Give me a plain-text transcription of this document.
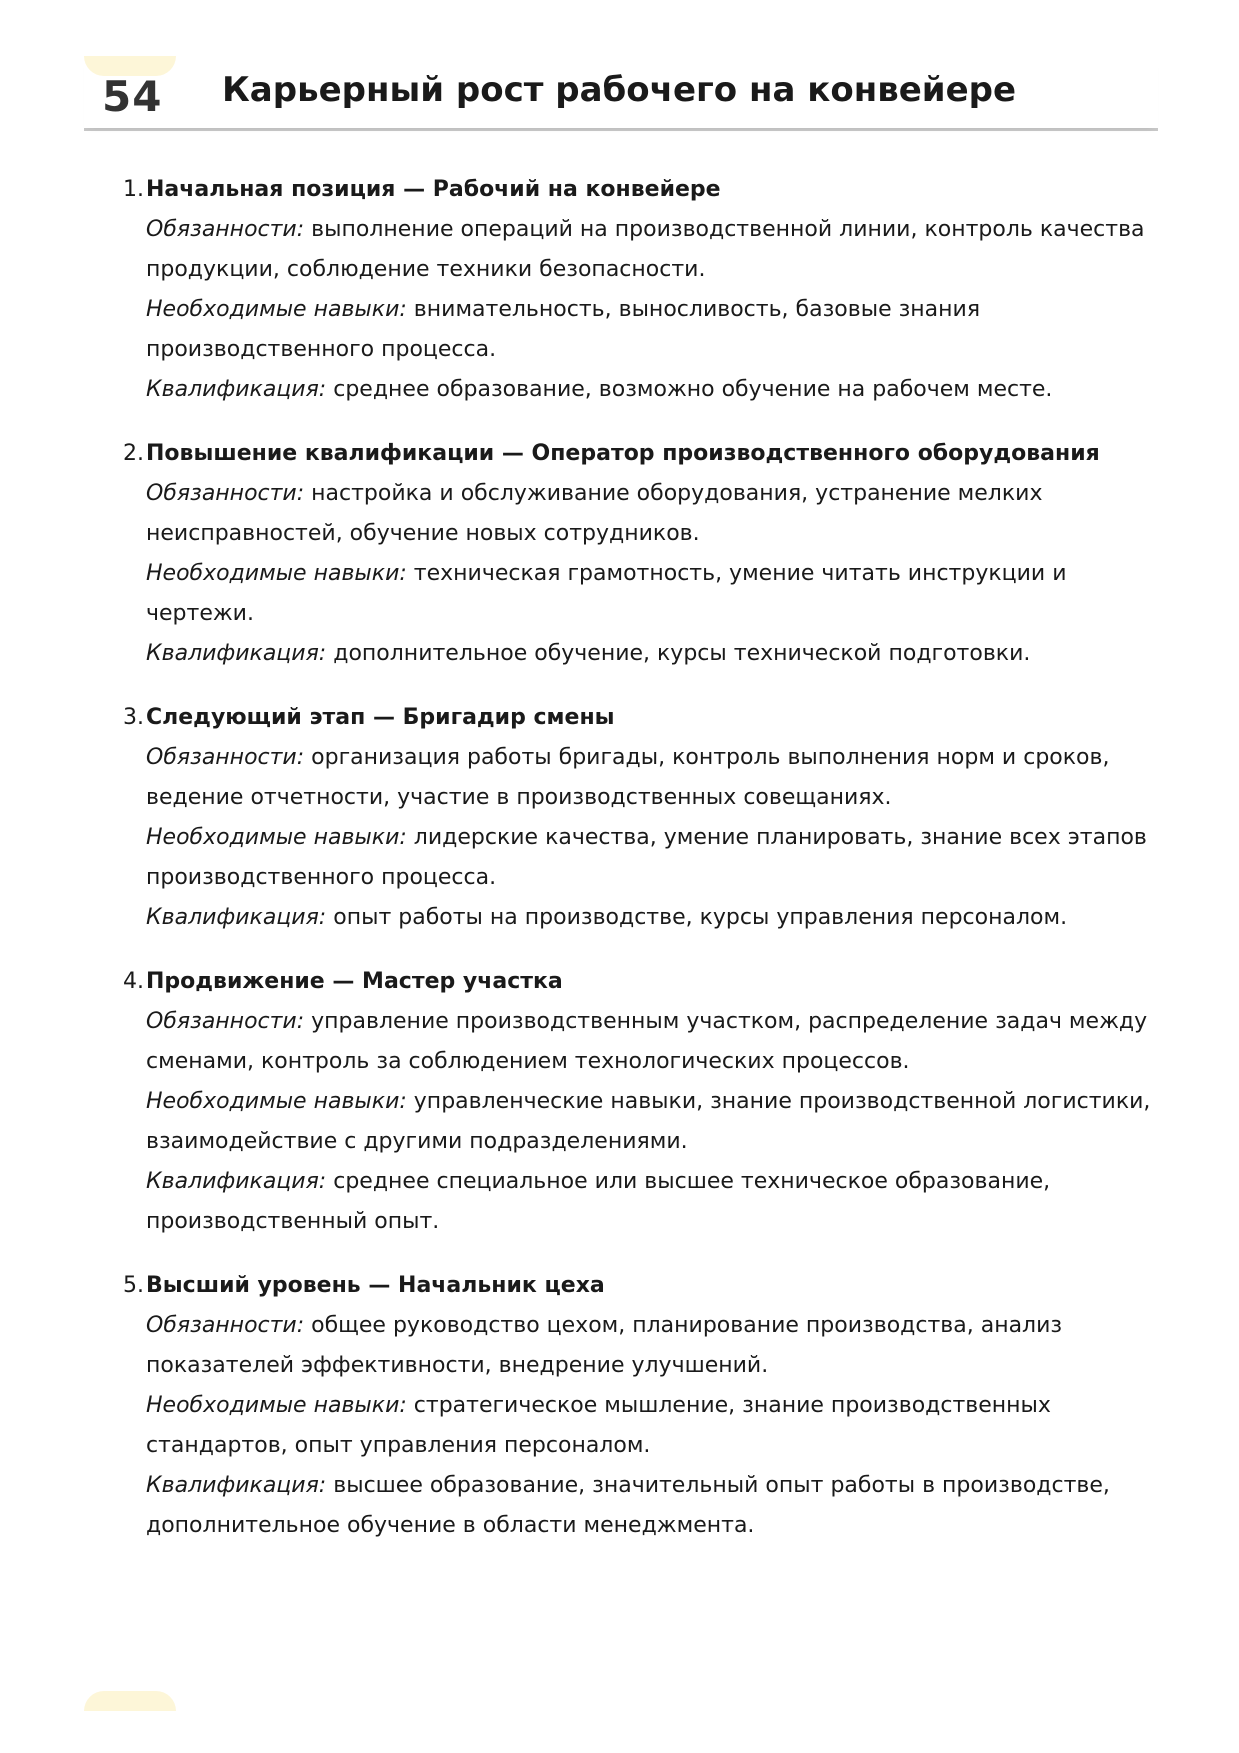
54 Карьерный рост рабочего на конвейере
1. Начальная позиция — Рабочий на конвейере
Обязанности: выполнение операций на производственной линии, контроль качества продукции, соблюдение техники безопасности.
Необходимые навыки: внимательность, выносливость, базовые знания производственного процесса.
Квалификация: среднее образование, возможно обучение на рабочем месте.
2. Повышение квалификации — Оператор производственного оборудования
Обязанности: настройка и обслуживание оборудования, устранение мелких неисправностей, обучение новых сотрудников.
Необходимые навыки: техническая грамотность, умение читать инструкции и чертежи.
Квалификация: дополнительное обучение, курсы технической подготовки.
3. Следующий этап — Бригадир смены
Обязанности: организация работы бригады, контроль выполнения норм и сроков, ведение отчетности, участие в производственных совещаниях.
Необходимые навыки: лидерские качества, умение планировать, знание всех этапов производственного процесса.
Квалификация: опыт работы на производстве, курсы управления персоналом.
4. Продвижение — Мастер участка
Обязанности: управление производственным участком, распределение задач между сменами, контроль за соблюдением технологических процессов.
Необходимые навыки: управленческие навыки, знание производственной логистики, взаимодействие с другими подразделениями.
Квалификация: среднее специальное или высшее техническое образование, производственный опыт.
5. Высший уровень — Начальник цеха
Обязанности: общее руководство цехом, планирование производства, анализ показателей эффективности, внедрение улучшений.
Необходимые навыки: стратегическое мышление, знание производственных стандартов, опыт управления персоналом.
Квалификация: высшее образование, значительный опыт работы в производстве, дополнительное обучение в области менеджмента.
